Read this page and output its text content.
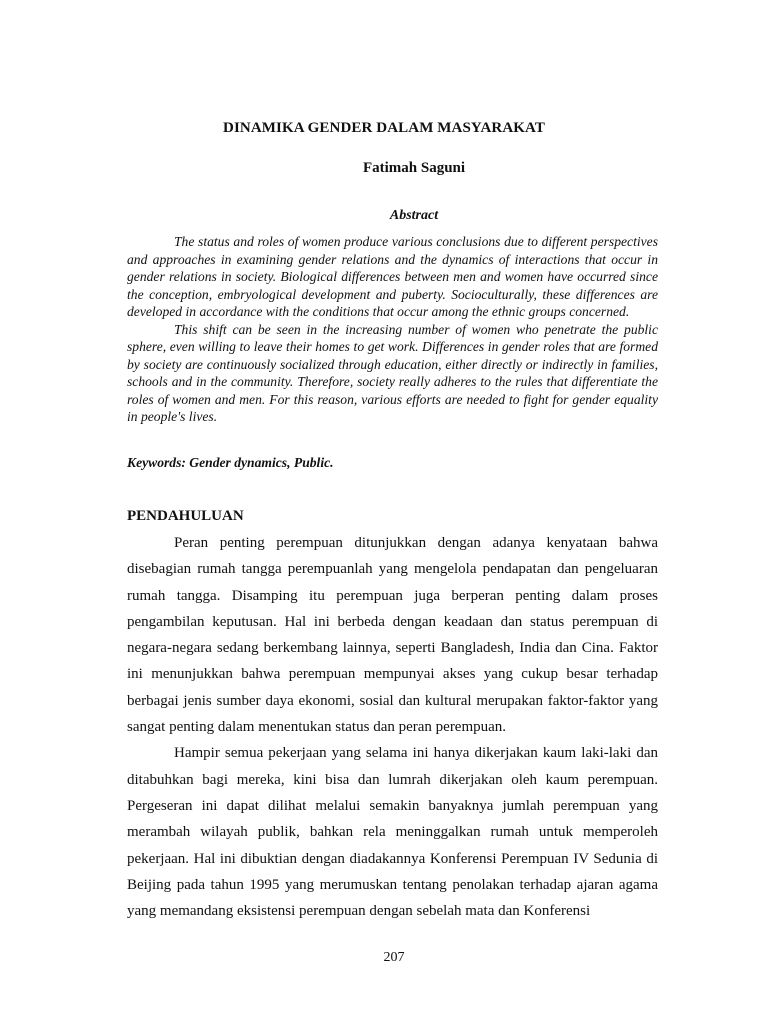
DINAMIKA GENDER DALAM MASYARAKAT
Fatimah Saguni
Abstract

The status and roles of women produce various conclusions due to different perspectives and approaches in examining gender relations and the dynamics of interactions that occur in gender relations in society. Biological differences between men and women have occurred since the conception, embryological development and puberty. Socioculturally, these differences are developed in accordance with the conditions that occur among the ethnic groups concerned.

This shift can be seen in the increasing number of women who penetrate the public sphere, even willing to leave their homes to get work. Differences in gender roles that are formed by society are continuously socialized through education, either directly or indirectly in families, schools and in the community. Therefore, society really adheres to the rules that differentiate the roles of women and men. For this reason, various efforts are needed to fight for gender equality in people's lives.

Keywords: Gender dynamics, Public.
PENDAHULUAN

Peran penting perempuan ditunjukkan dengan adanya kenyataan bahwa disebagian rumah tangga perempuanlah yang mengelola pendapatan dan pengeluaran rumah tangga. Disamping itu perempuan juga berperan penting dalam proses pengambilan keputusan. Hal ini berbeda dengan keadaan dan status perempuan di negara-negara sedang berkembang lainnya, seperti Bangladesh, India dan Cina. Faktor ini menunjukkan bahwa perempuan mempunyai akses yang cukup besar terhadap berbagai jenis sumber daya ekonomi, sosial dan kultural merupakan faktor-faktor yang sangat penting dalam menentukan status dan peran perempuan.

Hampir semua pekerjaan yang selama ini hanya dikerjakan kaum laki-laki dan ditabuhkan bagi mereka, kini bisa dan lumrah dikerjakan oleh kaum perempuan. Pergeseran ini dapat dilihat melalui semakin banyaknya jumlah perempuan yang merambah wilayah publik, bahkan rela meninggalkan rumah untuk memperoleh pekerjaan. Hal ini dibuktian dengan diadakannya Konferensi Perempuan IV Sedunia di Beijing pada tahun 1995 yang merumuskan tentang penolakan terhadap ajaran agama yang memandang eksistensi perempuan dengan sebelah mata dan Konferensi

207
